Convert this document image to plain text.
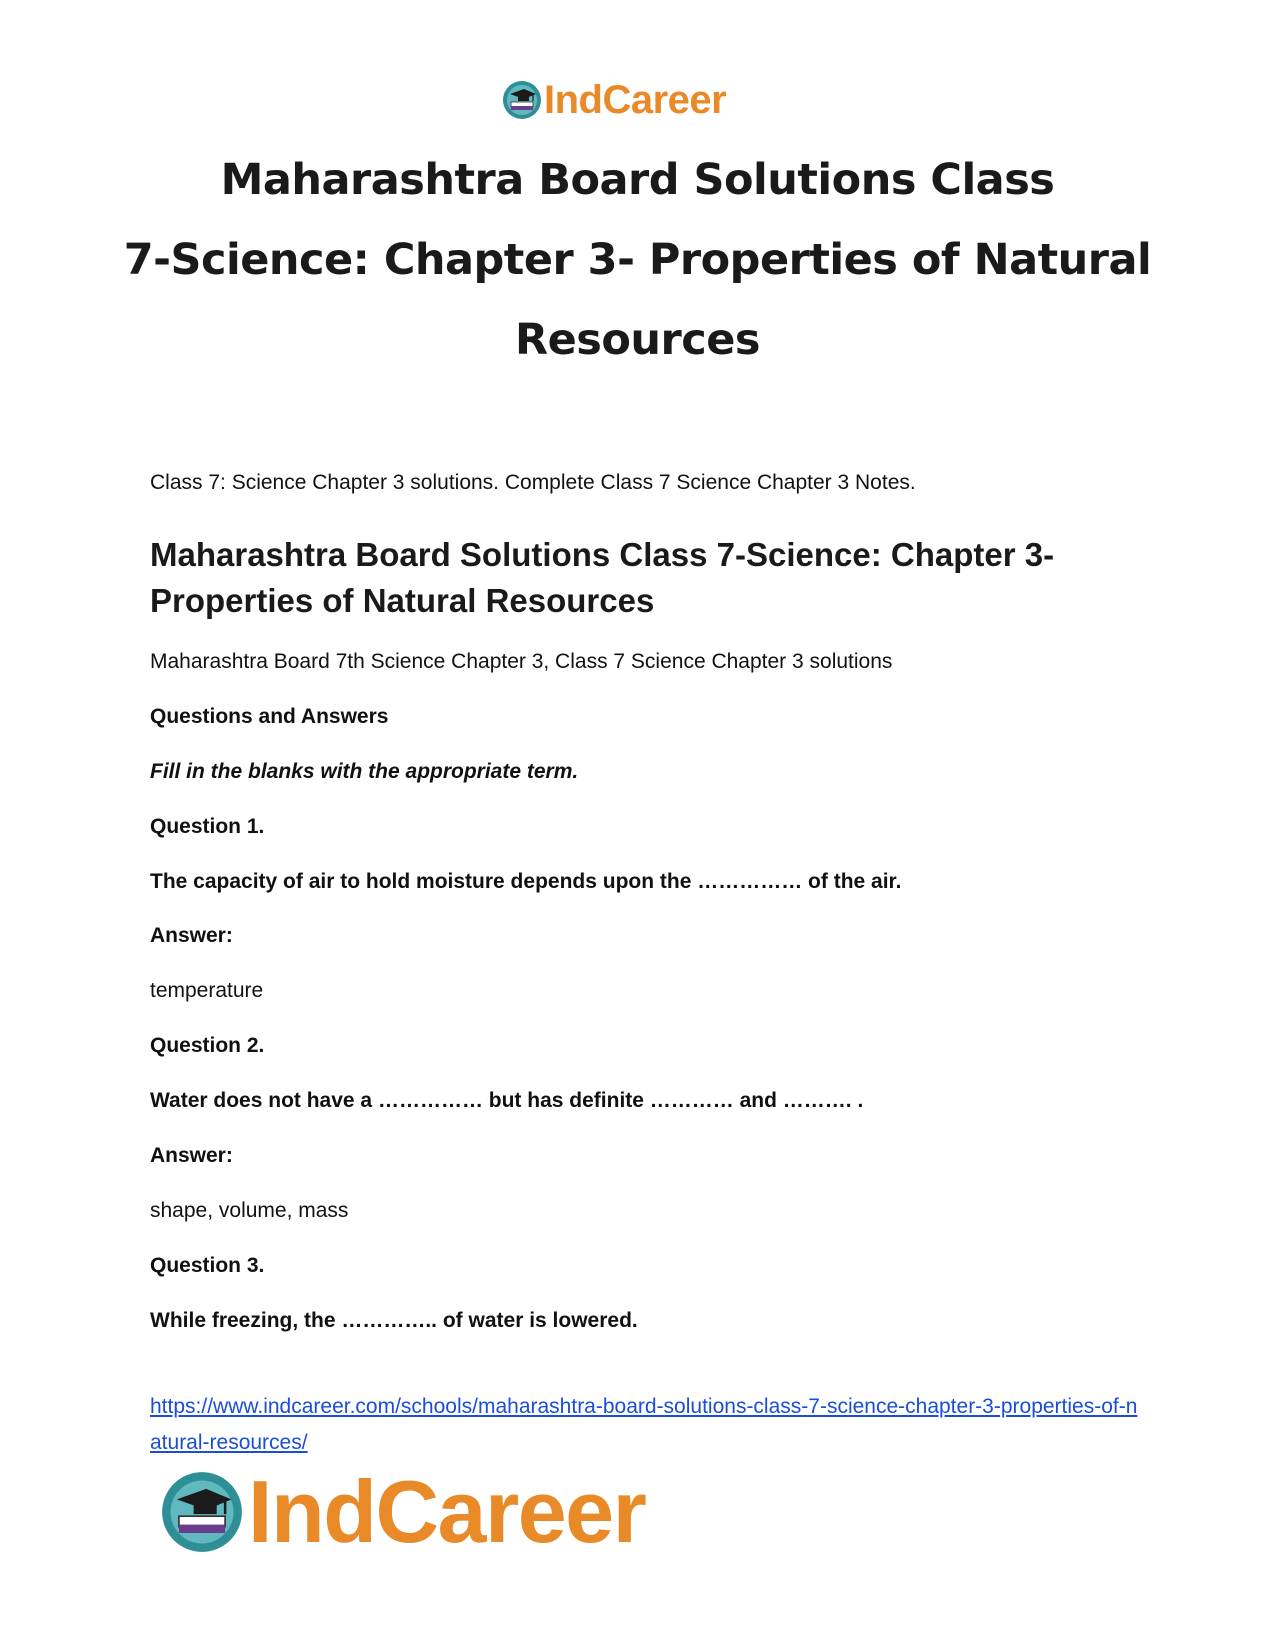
IndCareer
Maharashtra Board Solutions Class
7-Science: Chapter 3- Properties of Natural
Resources

Class 7: Science Chapter 3 solutions. Complete Class 7 Science Chapter 3 Notes.

Maharashtra Board Solutions Class 7-Science: Chapter 3- Properties of Natural Resources

Maharashtra Board 7th Science Chapter 3, Class 7 Science Chapter 3 solutions

Questions and Answers

Fill in the blanks with the appropriate term.

Question 1.

The capacity of air to hold moisture depends upon the …………… of the air.

Answer:

temperature

Question 2.

Water does not have a …………… but has definite ………… and ………. .

Answer:

shape, volume, mass

Question 3.

While freezing, the ………….. of water is lowered.

https://www.indcareer.com/schools/maharashtra-board-solutions-class-7-science-chapter-3-properties-of-natural-resources/
IndCareer
